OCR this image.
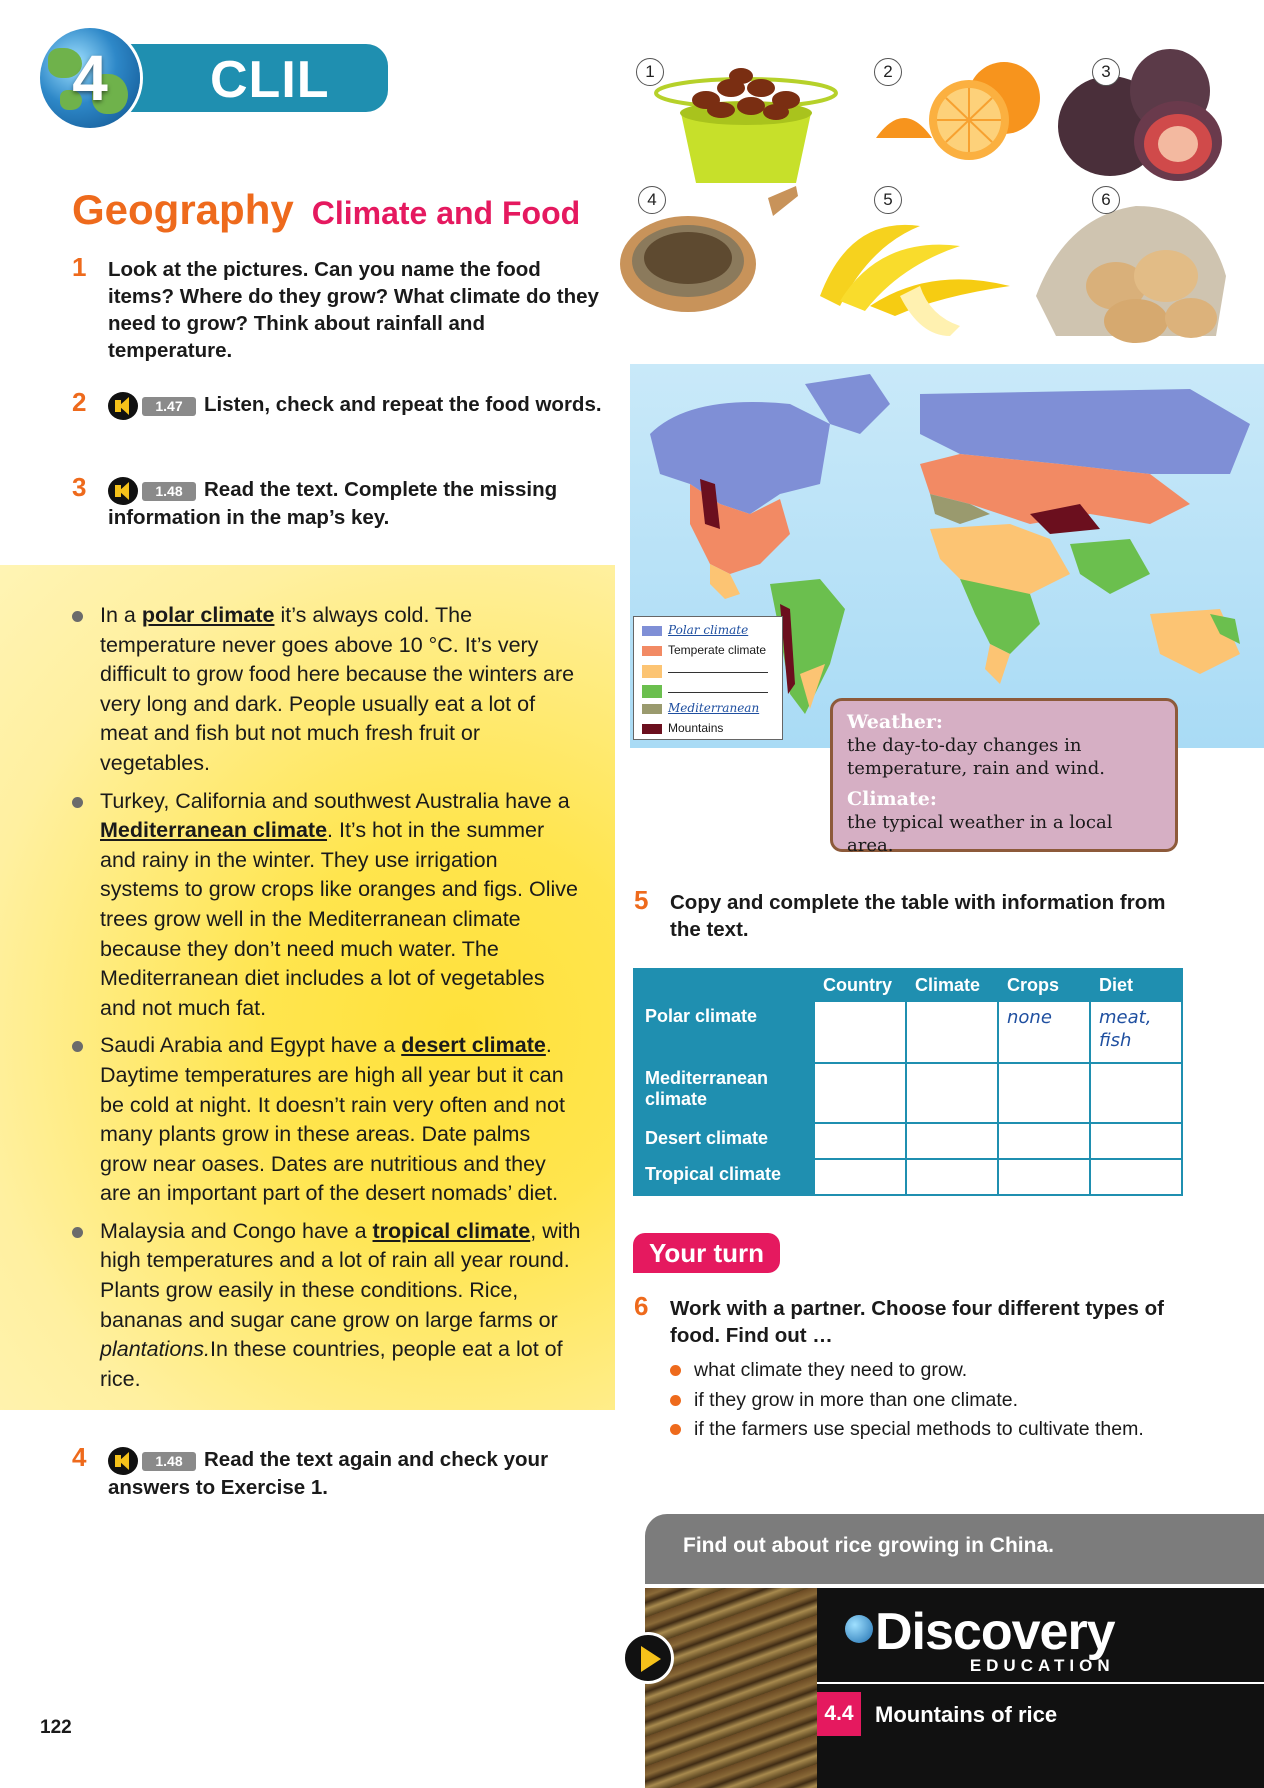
CLIL
4
Geography Climate and Food
1 Look at the pictures. Can you name the food items? Where do they grow? What climate do they need to grow? Think about rainfall and temperature.
2	1.47	Listen, check and repeat the food words.
3	1.48	Read the text. Complete the missing information in the map’s key.
In a polar climate it’s always cold. The temperature never goes above 10 °C. It’s very difficult to grow food here because the winters are very long and dark. People usually eat a lot of meat and fish but not much fresh fruit or vegetables.
Turkey, California and southwest Australia have a Mediterranean climate. It’s hot in the summer and rainy in the winter. They use irrigation systems to grow crops like oranges and figs. Olive trees grow well in the Mediterranean climate because they don’t need much water. The Mediterranean diet includes a lot of vegetables and not much fat.
Saudi Arabia and Egypt have a desert climate. Daytime temperatures are high all year but it can be cold at night. It doesn’t rain very often and not many plants grow in these areas. Date palms grow near oases. Dates are nutritious and they are an important part of the desert nomads’ diet.
Malaysia and Congo have a tropical climate, with high temperatures and a lot of rain all year round. Plants grow easily in these conditions. Rice, bananas and sugar cane grow on large farms or plantations.In these countries, people eat a lot of rice.
4	1.48	Read the text again and check your answers to Exercise 1.
1	2	3
4	5	6
Polar climate
Temperate climate
Mediterranean
Mountains	Weather:
the day-to-day changes in temperature, rain and wind.
Climate:
the typical weather in a local area.
5 Copy and complete the table with information from the text.
	Country	Climate	Crops	Diet
Polar climate			none	meat, fish
Mediterranean climate				
Desert climate				
Tropical climate				
Your turn
6 Work with a partner. Choose four different types of food. Find out …
what climate they need to grow.
if they grow in more than one climate.
if the farmers use special methods to cultivate them.
Find out about rice growing in China.
Discovery
EDUCATION
4.4 Mountains of rice
122
